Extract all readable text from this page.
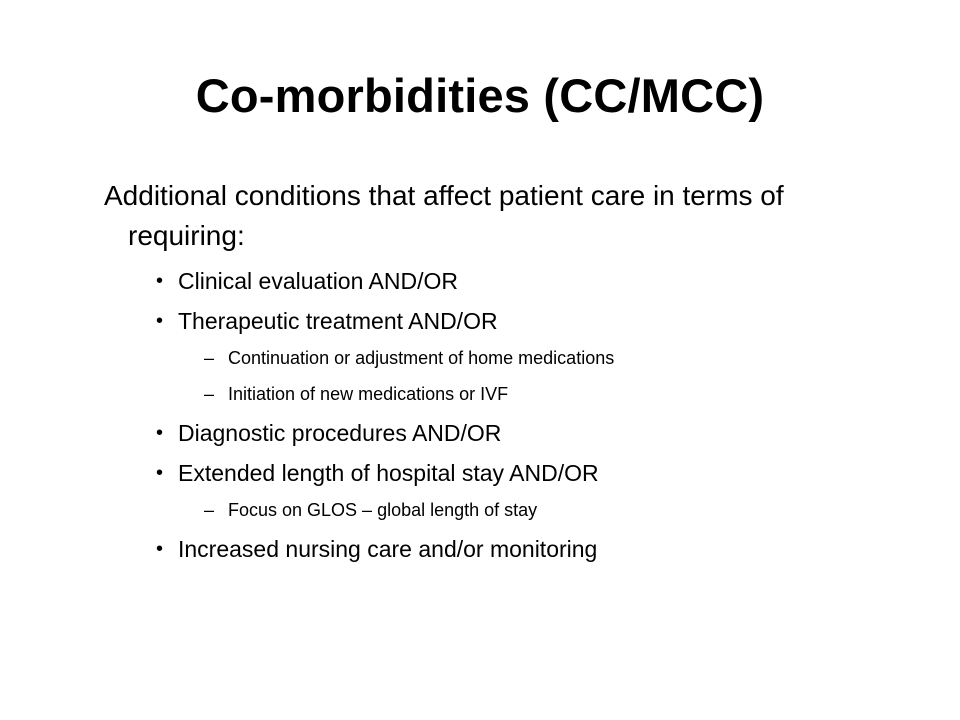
Co-morbidities (CC/MCC)

Additional conditions that affect patient care in terms of requiring:

• Clinical evaluation AND/OR
• Therapeutic treatment AND/OR
– Continuation or adjustment of home medications
– Initiation of new medications or IVF
• Diagnostic procedures AND/OR
• Extended length of hospital stay AND/OR
– Focus on GLOS – global length of stay
• Increased nursing care and/or monitoring
